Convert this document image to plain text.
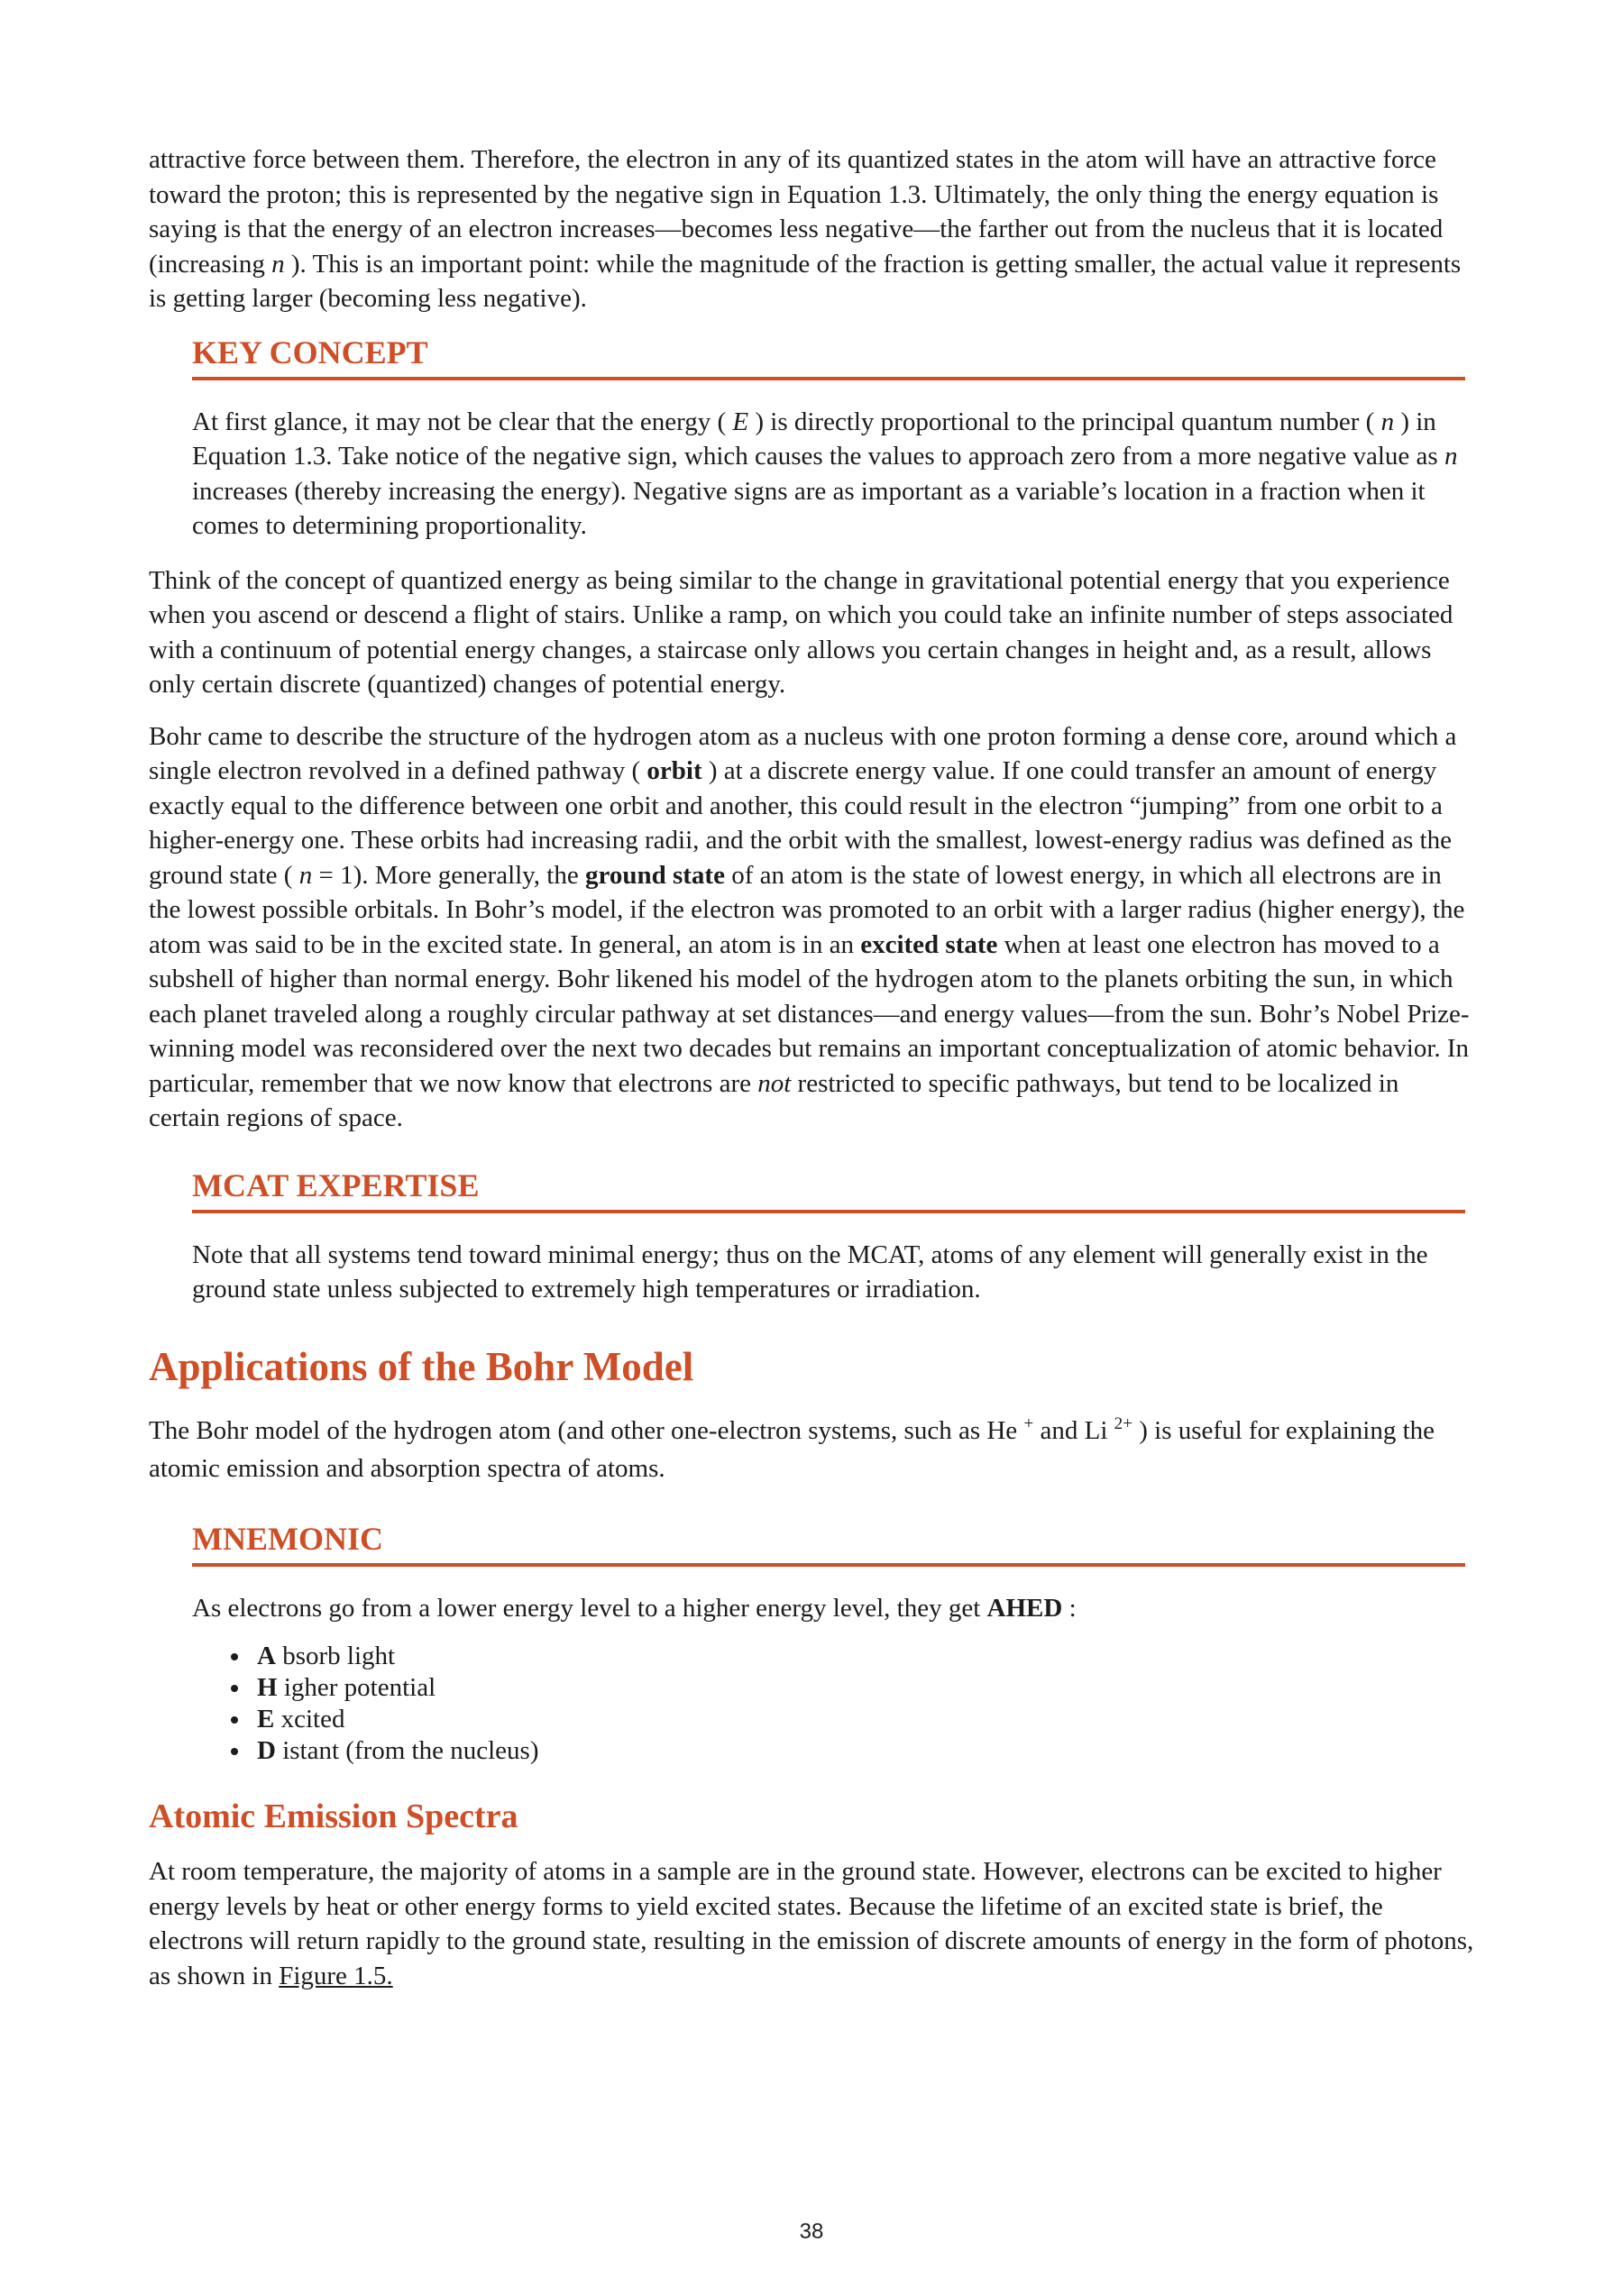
attractive force between them. Therefore, the electron in any of its quantized states in the atom will have an attractive force toward the proton; this is represented by the negative sign in Equation 1.3. Ultimately, the only thing the energy equation is saying is that the energy of an electron increases—becomes less negative—the farther out from the nucleus that it is located (increasing n ). This is an important point: while the magnitude of the fraction is getting smaller, the actual value it represents is getting larger (becoming less negative).

KEY CONCEPT

At first glance, it may not be clear that the energy ( E ) is directly proportional to the principal quantum number ( n ) in Equation 1.3. Take notice of the negative sign, which causes the values to approach zero from a more negative value as n increases (thereby increasing the energy). Negative signs are as important as a variable’s location in a fraction when it comes to determining proportionality.

Think of the concept of quantized energy as being similar to the change in gravitational potential energy that you experience when you ascend or descend a flight of stairs. Unlike a ramp, on which you could take an infinite number of steps associated with a continuum of potential energy changes, a staircase only allows you certain changes in height and, as a result, allows only certain discrete (quantized) changes of potential energy.

Bohr came to describe the structure of the hydrogen atom as a nucleus with one proton forming a dense core, around which a single electron revolved in a defined pathway ( orbit ) at a discrete energy value. If one could transfer an amount of energy exactly equal to the difference between one orbit and another, this could result in the electron “jumping” from one orbit to a higher-energy one. These orbits had increasing radii, and the orbit with the smallest, lowest-energy radius was defined as the ground state ( n = 1). More generally, the ground state of an atom is the state of lowest energy, in which all electrons are in the lowest possible orbitals. In Bohr’s model, if the electron was promoted to an orbit with a larger radius (higher energy), the atom was said to be in the excited state. In general, an atom is in an excited state when at least one electron has moved to a subshell of higher than normal energy. Bohr likened his model of the hydrogen atom to the planets orbiting the sun, in which each planet traveled along a roughly circular pathway at set distances—and energy values—from the sun. Bohr’s Nobel Prize-winning model was reconsidered over the next two decades but remains an important conceptualization of atomic behavior. In particular, remember that we now know that electrons are not restricted to specific pathways, but tend to be localized in certain regions of space.

MCAT EXPERTISE

Note that all systems tend toward minimal energy; thus on the MCAT, atoms of any element will generally exist in the ground state unless subjected to extremely high temperatures or irradiation.

Applications of the Bohr Model

The Bohr model of the hydrogen atom (and other one-electron systems, such as He + and Li $^{2+}$ ) is useful for explaining the atomic emission and absorption spectra of atoms.

MNEMONIC

As electrons go from a lower energy level to a higher energy level, they get AHED :

• A bsorb light
• H igher potential
• E xcited
• D istant (from the nucleus)
Atomic Emission Spectra

At room temperature, the majority of atoms in a sample are in the ground state. However, electrons can be excited to higher energy levels by heat or other energy forms to yield excited states. Because the lifetime of an excited state is brief, the electrons will return rapidly to the ground state, resulting in the emission of discrete amounts of energy in the form of photons, as shown in Figure 1.5.

38
